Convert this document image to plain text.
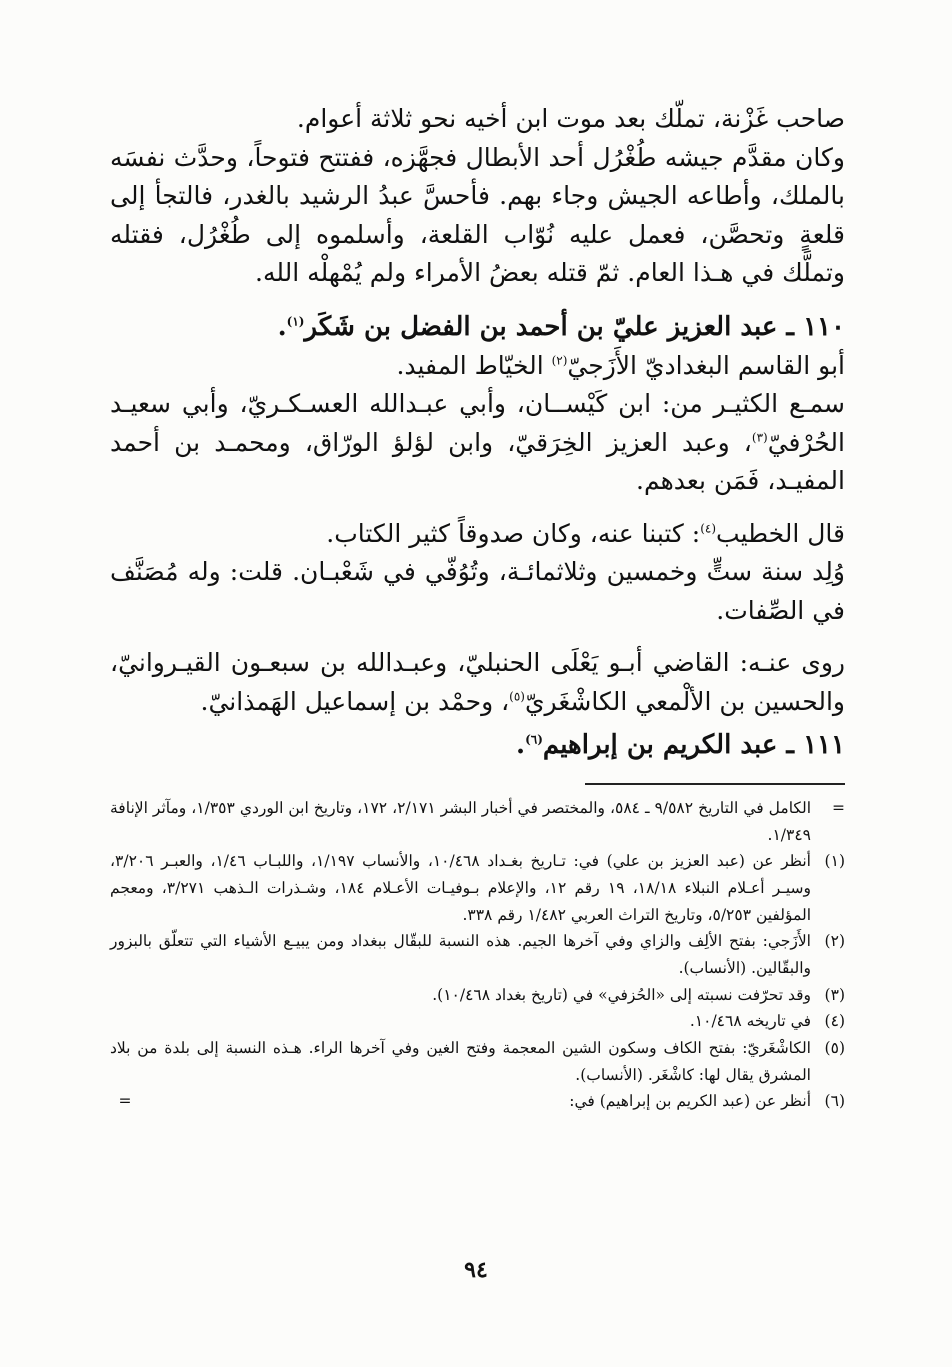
صاحب غَزْنة، تملّك بعد موت ابن أخيه نحو ثلاثة أعوام.

وكان مقدَّم جيشه طُغْرُل أحد الأبطال فجهَّزه، ففتتح فتوحاً، وحدَّث نفسَه بالملك، وأطاعه الجيش وجاء بهم. فأحسَّ عبدُ الرشيد بالغدر، فالتجأ إلى قلعةٍ وتحصَّن، فعمل عليه نُوّاب القلعة، وأسلموه إلى طُغْرُل، فقتله وتملَّك في هـذا العام. ثمّ قتله بعضُ الأمراء ولم يُمْهلْه الله.

١١٠ ـ عبد العزيز عليّ بن أحمد بن الفضل بن شَكَر$^{(١)}$.

أبو القاسم البغداديّ الأَزَجيّ$^{(٢)}$ الخيّاط المفيد.

سمـع الكثيـر من: ابن كَيْســان، وأبي عبـدالله العسـكـريّ، وأبي سعيـد الحُرْفيّ$^{(٣)}$، وعبد العزيز الخِرَقيّ، وابن لؤلؤ الورّاق، ومحمـد بن أحمد المفيـد، فَمَن بعدهم.

قال الخطيب$^{(٤)}$: كتبنا عنه، وكان صدوقاً كثير الكتاب.

وُلِد سنة ستٍّ وخمسين وثلاثمائـة، وتُوُفّي في شَعْبـان. قلت: وله مُصَنَّف في الصِّفات.

روى عنـه: القاضي أبـو يَعْلَى الحنبليّ، وعبـدالله بن سبعـون القيـروانيّ، والحسين بن الألْمعي الكاشْغَريّ$^{(٥)}$، وحمْد بن إسماعيل الهَمذانيّ.

١١١ ـ عبد الكريم بن إبراهيم$^{(٦)}$.

=
الكامل في التاريخ ٩/٥٨٢ ـ ٥٨٤، والمختصر في أخبار البشر ٢/١٧١، ١٧٢، وتاريخ ابن الوردي ١/٣٥٣، ومآثر الإنافة ١/٣٤٩.
(١)
أنظر عن (عبد العزيز بن علي) في: تـاريخ بغـداد ١٠/٤٦٨، والأنساب ١/١٩٧، واللبـاب ١/٤٦، والعبـر ٣/٢٠٦، وسيـر أعـلام النبلاء ١٨/١٨، ١٩ رقم ١٢، والإعلام بـوفيـات الأعـلام ١٨٤، وشـذرات الـذهب ٣/٢٧١، ومعجم المؤلفين ٥/٢٥٣، وتاريخ التراث العربي ١/٤٨٢ رقم ٣٣٨.
(٢)
الأَزَجي: بفتح الألِف والزاي وفي آخرها الجيم. هذه النسبة للبقّال ببغداد ومن يبيـع الأشياء التي تتعلّق بالبزور والبقّالين. (الأنساب).
(٣)
وقد تحرّفت نسبته إلى «الحُزفي» في (تاريخ بغداد ١٠/٤٦٨).
(٤)
في تاريخه ١٠/٤٦٨.
(٥)
الكاشْغَريّ: بفتح الكاف وسكون الشين المعجمة وفتح الغين وفي آخرها الراء. هـذه النسبة إلى بلدة من بلاد المشرق يقال لها: كاشْغَر. (الأنساب).
(٦)
أنظر عن (عبد الكريم بن إبراهيم) في:
=
٩٤
